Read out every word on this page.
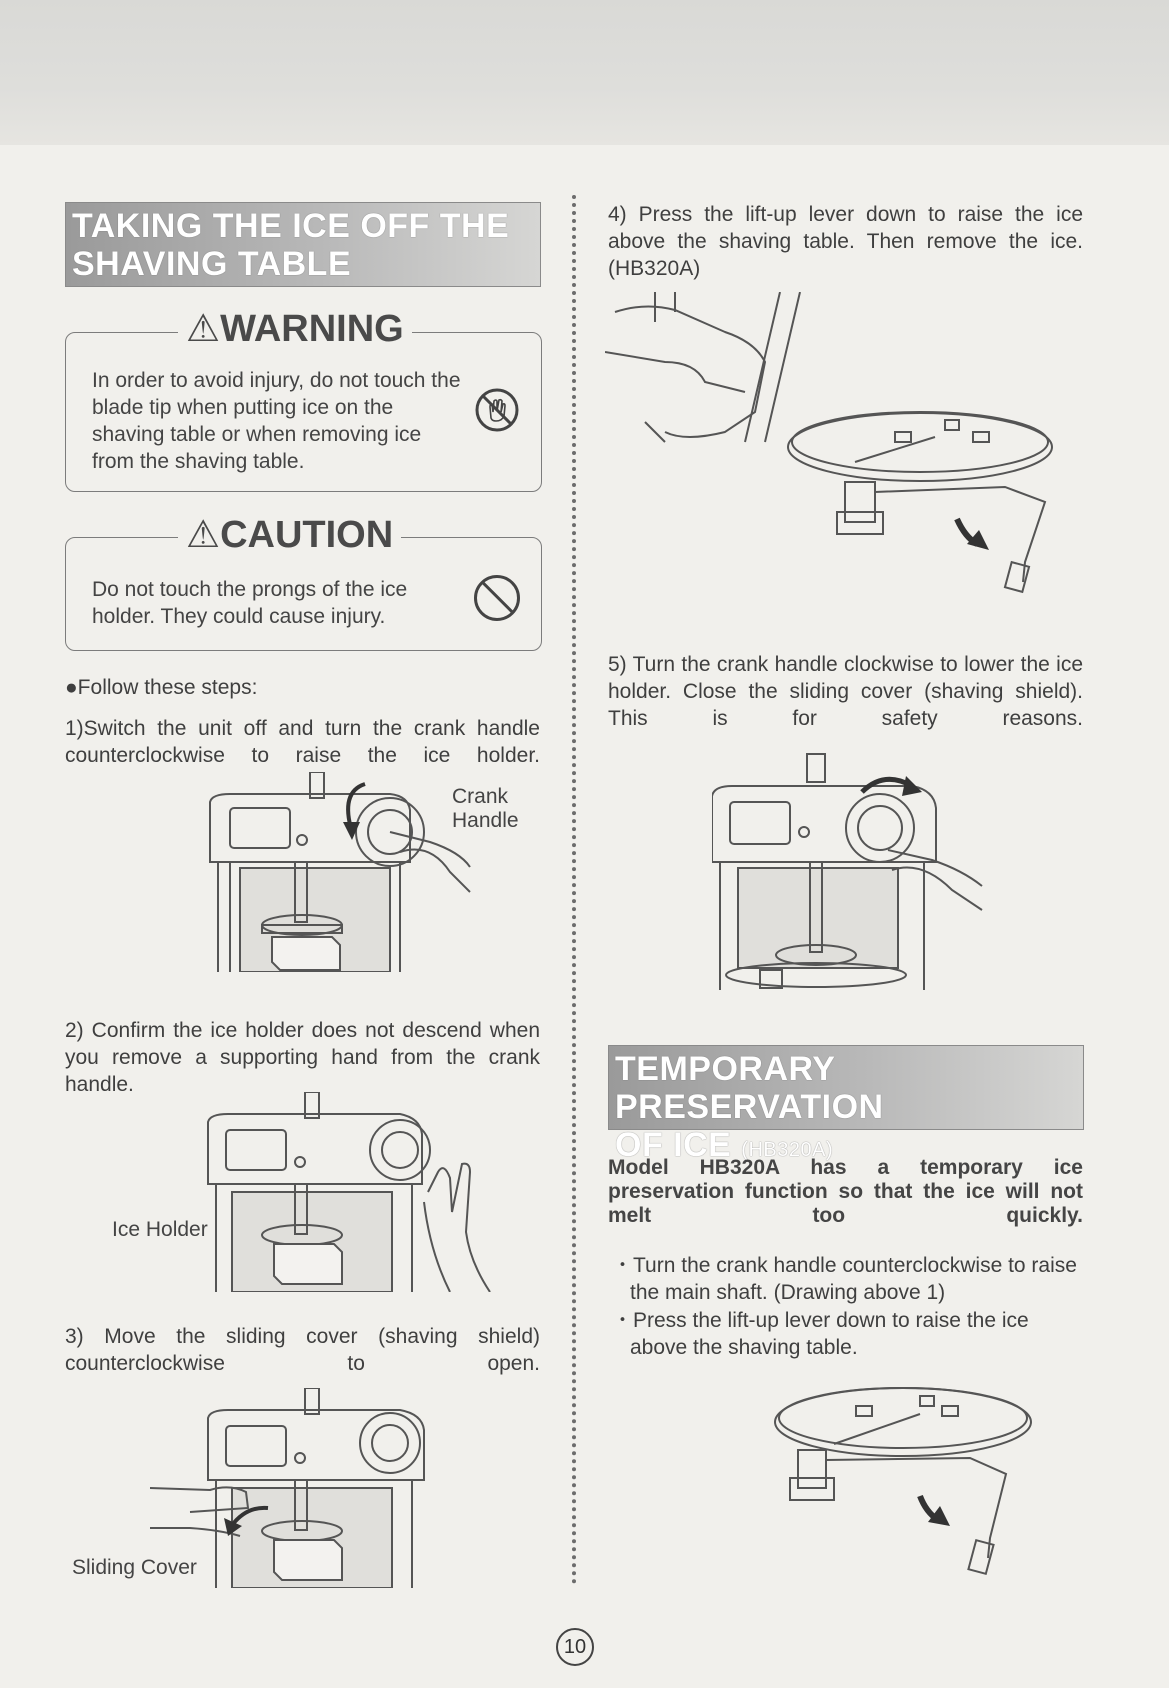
TAKING THE ICE OFF THE
SHAVING TABLE
⚠WARNING
In order to avoid injury, do not touch the blade tip when putting ice on the shaving table or when removing ice from the shaving table.
⚠CAUTION
Do not touch the prongs of the ice holder. They could cause injury.
●Follow these steps:
1)Switch the unit off and turn the crank handle counterclockwise to raise the ice holder.
Crank
Handle
2) Confirm the ice holder does not descend when you remove a supporting hand from the crank handle.
Ice Holder
3) Move the sliding cover (shaving shield) counterclockwise to open.
Sliding Cover
4) Press the lift-up lever down to raise the ice above the shaving table. Then remove the ice. (HB320A)
5) Turn the crank handle clockwise to lower the ice holder. Close the sliding cover (shaving shield). This is for safety reasons.
TEMPORARY PRESERVATION
OF ICE (HB320A)
Model HB320A has a temporary ice preservation function so that the ice will not melt too quickly.
・Turn the crank handle counterclockwise to raise the main shaft. (Drawing above 1)
・Press the lift-up lever down to raise the ice above the shaving table.
10
